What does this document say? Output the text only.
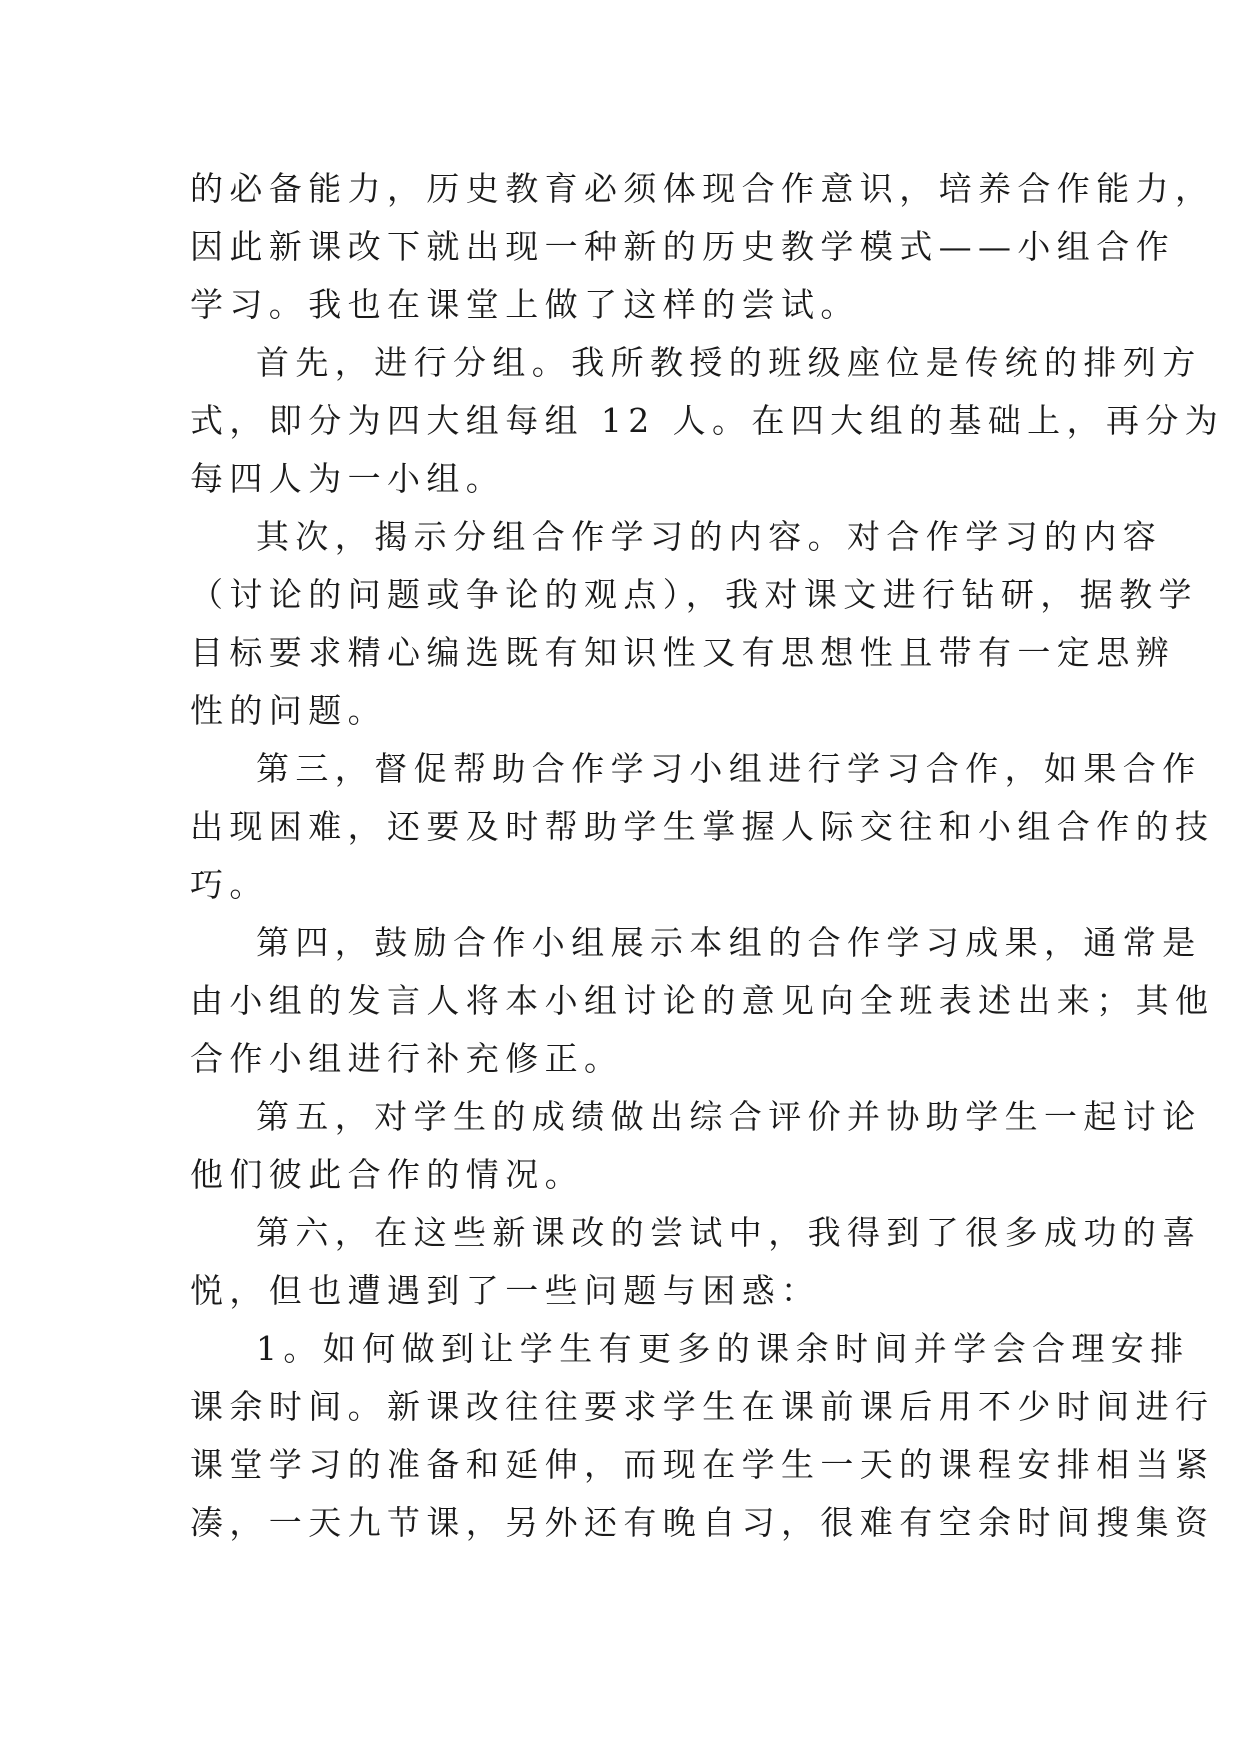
的必备能力，历史教育必须体现合作意识，培养合作能力，
因此新课改下就出现一种新的历史教学模式——小组合作
学习。我也在课堂上做了这样的尝试。
首先，进行分组。我所教授的班级座位是传统的排列方
式，即分为四大组每组 12 人。在四大组的基础上，再分为
每四人为一小组。
其次，揭示分组合作学习的内容。对合作学习的内容
（讨论的问题或争论的观点），我对课文进行钻研，据教学
目标要求精心编选既有知识性又有思想性且带有一定思辨
性的问题。
第三，督促帮助合作学习小组进行学习合作，如果合作
出现困难，还要及时帮助学生掌握人际交往和小组合作的技
巧。
第四，鼓励合作小组展示本组的合作学习成果，通常是
由小组的发言人将本小组讨论的意见向全班表述出来；其他
合作小组进行补充修正。
第五，对学生的成绩做出综合评价并协助学生一起讨论
他们彼此合作的情况。
第六，在这些新课改的尝试中，我得到了很多成功的喜
悦，但也遭遇到了一些问题与困惑：
1。如何做到让学生有更多的课余时间并学会合理安排
课余时间。新课改往往要求学生在课前课后用不少时间进行
课堂学习的准备和延伸，而现在学生一天的课程安排相当紧
凑，一天九节课，另外还有晚自习，很难有空余时间搜集资
